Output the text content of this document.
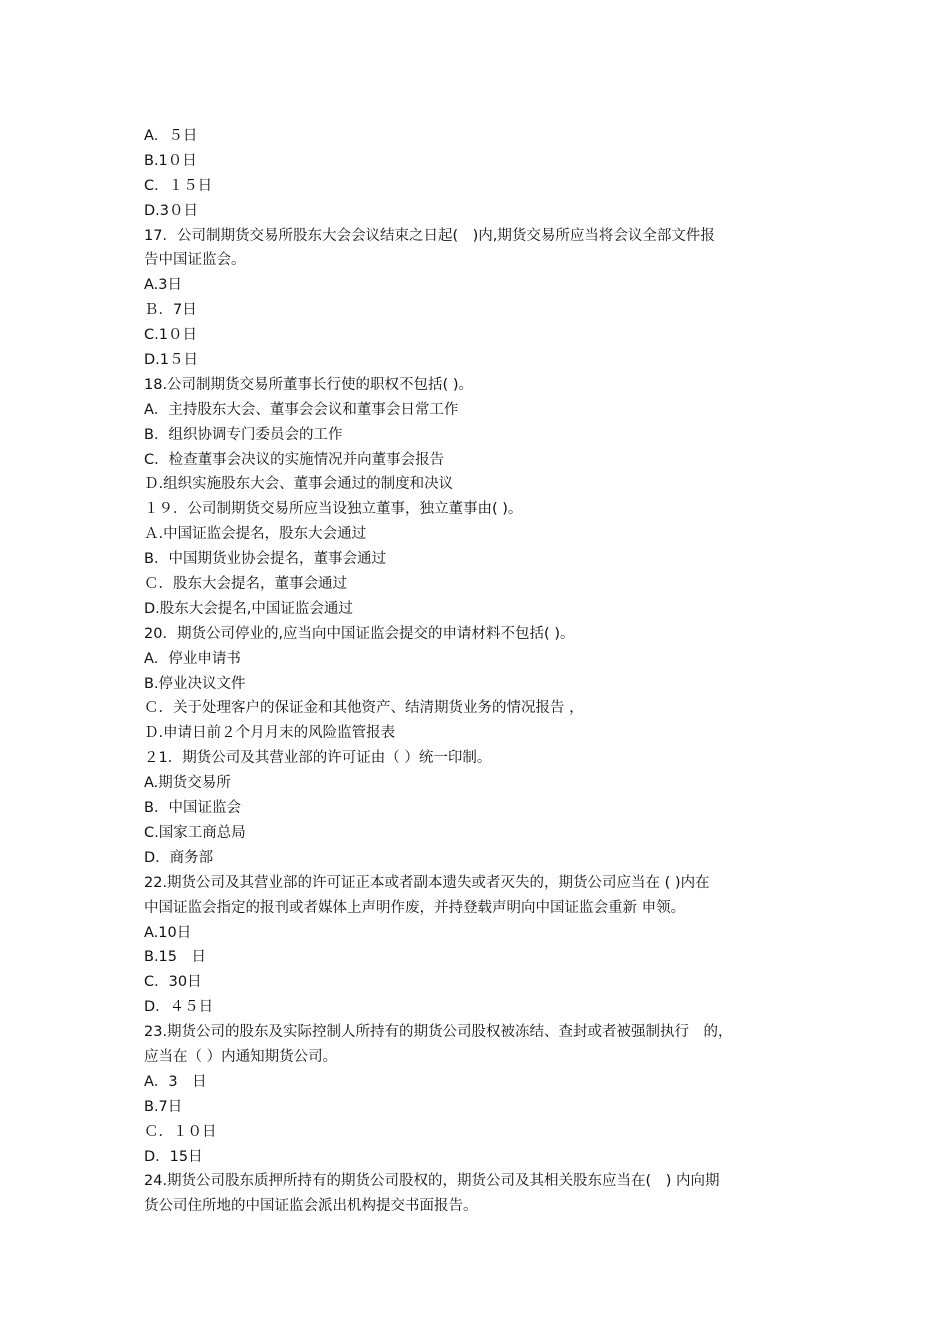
A．５日
B.1０日
C．１５日
D.3０日
17．公司制期货交易所股东大会会议结束之日起(　)内,期货交易所应当将会议全部文件报
告中国证监会。
A.3日
Ｂ．7日
C.1０日
D.1５日
18.公司制期货交易所董事长行使的职权不包括( )。
A．主持股东大会、董事会会议和董事会日常工作
B．组织协调专门委员会的工作
C．检查董事会决议的实施情况并向董事会报告
Ｄ.组织实施股东大会、董事会通过的制度和决议
１９．公司制期货交易所应当设独立董事，独立董事由( )。
Ａ.中国证监会提名，股东大会通过
B．中国期货业协会提名，董事会通过
Ｃ．股东大会提名，董事会通过
D.股东大会提名,中国证监会通过
20．期货公司停业的,应当向中国证监会提交的申请材料不包括( )。
A．停业申请书
B.停业决议文件
Ｃ．关于处理客户的保证金和其他资产、结清期货业务的情况报告 ，
Ｄ.申请日前２个月月末的风险监管报表
２1．期货公司及其营业部的许可证由（ ）统一印制。
A.期货交易所
B．中国证监会
C.国家工商总局
D．商务部
22.期货公司及其营业部的许可证正本或者副本遗失或者灭失的，期货公司应当在 ( )内在
中国证监会指定的报刊或者媒体上声明作废，并持登载声明向中国证监会重新 申领。
A.10日
B.15　日
C．30日
D．４５日
23.期货公司的股东及实际控制人所持有的期货公司股权被冻结、查封或者被强制执行　的，
应当在（ ）内通知期货公司。
A．3　日
B.7日
Ｃ．１０日
D．15日
24.期货公司股东质押所持有的期货公司股权的，期货公司及其相关股东应当在(　) 内向期
货公司住所地的中国证监会派出机构提交书面报告。
